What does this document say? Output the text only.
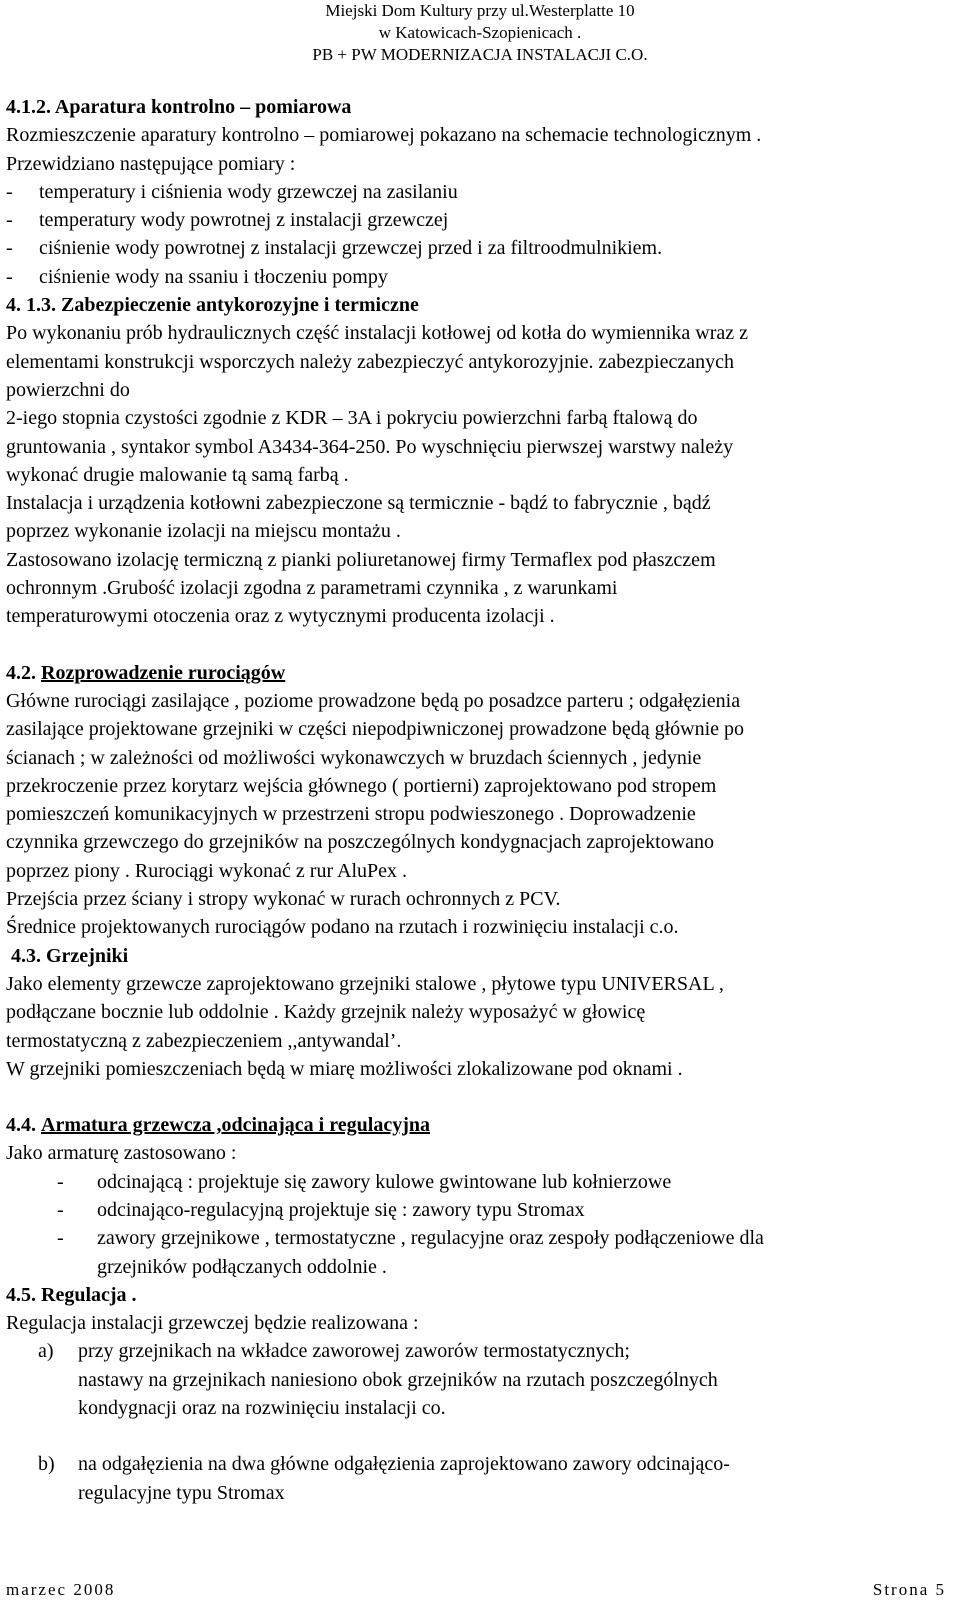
Miejski Dom Kultury przy ul.Westerplatte 10
w Katowicach-Szopienicach .
PB + PW MODERNIZACJA INSTALACJI C.O.

4.1.2. Aparatura kontrolno – pomiarowa

Rozmieszczenie aparatury kontrolno – pomiarowej pokazano na schemacie technologicznym .

Przewidziano następujące pomiary :

-	temperatury i ciśnienia wody grzewczej na zasilaniu
-	temperatury wody powrotnej z instalacji grzewczej
-	ciśnienie wody powrotnej z instalacji grzewczej przed i za filtroodmulnikiem.
-	ciśnienie wody na ssaniu i tłoczeniu pompy

4. 1.3. Zabezpieczenie antykorozyjne i termiczne

Po wykonaniu prób hydraulicznych część instalacji kotłowej od kotła do wymiennika wraz z

elementami konstrukcji wsporczych należy zabezpieczyć antykorozyjnie. zabezpieczanych

powierzchni do

2-iego stopnia czystości zgodnie z KDR – 3A i pokryciu powierzchni farbą ftalową do

gruntowania , syntakor symbol A3434-364-250. Po wyschnięciu pierwszej warstwy należy

wykonać drugie malowanie tą samą farbą .

Instalacja i urządzenia kotłowni zabezpieczone są termicznie - bądź to fabrycznie , bądź

poprzez wykonanie izolacji na miejscu montażu .

Zastosowano izolację termiczną z pianki poliuretanowej firmy Termaflex pod płaszczem

ochronnym .Grubość izolacji zgodna z parametrami czynnika , z warunkami

temperaturowymi otoczenia oraz z wytycznymi producenta izolacji .

4.2. Rozprowadzenie rurociągów

Główne rurociągi zasilające , poziome prowadzone będą po posadzce parteru ; odgałęzienia

zasilające projektowane grzejniki w części niepodpiwniczonej prowadzone będą głównie po

ścianach ; w zależności od możliwości wykonawczych w bruzdach ściennych , jedynie

przekroczenie przez korytarz wejścia głównego ( portierni) zaprojektowano pod stropem

pomieszczeń komunikacyjnych w przestrzeni stropu podwieszonego . Doprowadzenie

czynnika grzewczego do grzejników na poszczególnych kondygnacjach zaprojektowano

poprzez piony . Rurociągi wykonać z rur AluPex .

Przejścia przez ściany i stropy wykonać w rurach ochronnych z PCV.

Średnice projektowanych rurociągów podano na rzutach i rozwinięciu instalacji c.o.

4.3. Grzejniki

Jako elementy grzewcze zaprojektowano grzejniki stalowe , płytowe typu UNIVERSAL ,

podłączane bocznie lub oddolnie . Każdy grzejnik należy wyposażyć w głowicę

termostatyczną z zabezpieczeniem ,,antywandal’.

W grzejniki pomieszczeniach będą w miarę możliwości zlokalizowane pod oknami .

4.4. Armatura grzewcza ,odcinająca i regulacyjna

Jako armaturę zastosowano :

-	odcinającą : projektuje się zawory kulowe gwintowane lub kołnierzowe
-	odcinająco-regulacyjną projektuje się : zawory typu Stromax
-	zawory grzejnikowe , termostatyczne , regulacyjne oraz zespoły podłączeniowe dla

grzejników podłączanych oddolnie .

4.5. Regulacja .

Regulacja instalacji grzewczej będzie realizowana :

a)	przy grzejnikach na wkładce zaworowej zaworów termostatycznych;

nastawy na grzejnikach naniesiono obok grzejników na rzutach poszczególnych

kondygnacji oraz na rozwinięciu instalacji co.

b)	na odgałęzienia na dwa główne odgałęzienia zaprojektowano zawory odcinająco-

regulacyjne typu Stromax

marzec 2008	Strona 5
